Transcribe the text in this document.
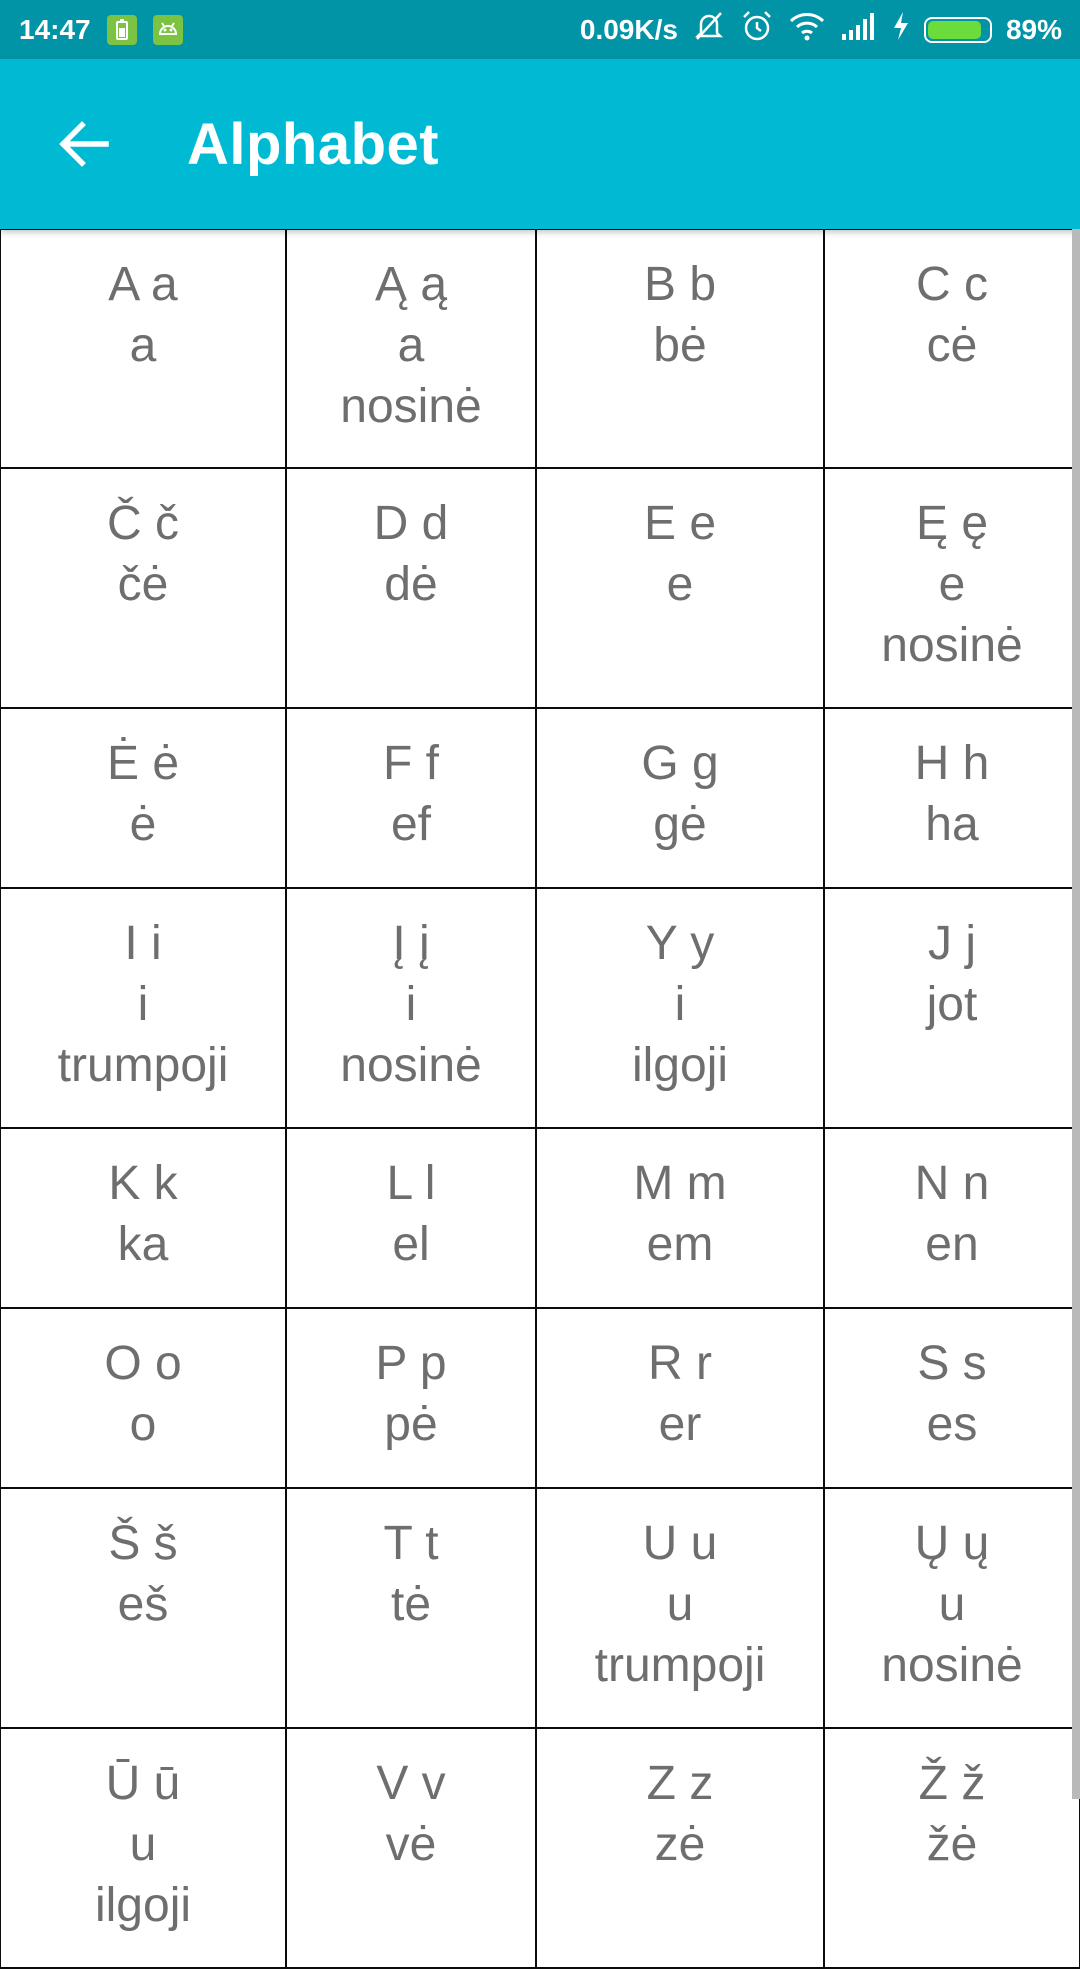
14:47	0.09K/s	89%
Alphabet
A a
a
Ą ą
a
nosinė
B b
bė
C c
cė
Č č
čė
D d
dė
E e
e
Ę ę
e
nosinė
Ė ė
ė
F f
ef
G g
gė
H h
ha
I i
i
trumpoji
Į į
i
nosinė
Y y
i
ilgoji
J j
jot
K k
ka
L l
el
M m
em
N n
en
O o
o
P p
pė
R r
er
S s
es
Š š
eš
T t
tė
U u
u
trumpoji
Ų ų
u
nosinė
Ū ū
u
ilgoji
V v
vė
Z z
zė
Ž ž
žė
